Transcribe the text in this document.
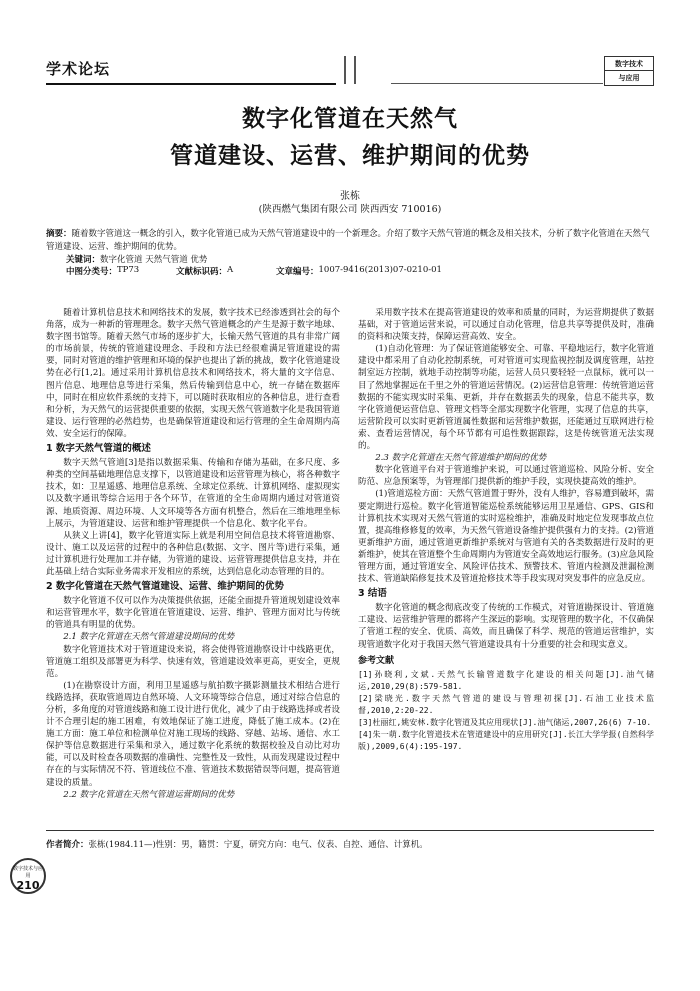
学术论坛	数字技术
与应用
数字化管道在天然气
管道建设、运营、维护期间的优势
张栋
(陕西燃气集团有限公司 陕西西安 710016)
摘要：随着数字管道这一概念的引入，数字化管道已成为天然气管道建设中的一个新理念。介绍了数字天然气管道的概念及相关技术，分析了数字化管道在天然气管道建设、运营、维护期间的优势。
关键词：数字化管道 天然气管道 优势
中图分类号： TP73	文献标识码： A	文章编号： 1007-9416(2013)07-0210-01

随着计算机信息技术和网络技术的发展，数字技术已经渗透到社会的每个角落，成为一种新的管理理念。数字天然气管道概念的产生是源于数字地球、数字图书馆等。随着天然气市场的逐步扩大，长输天然气管道的具有非常广阔的市场前景，传统的管道建设理念、手段和方法已经很难满足管道建设的需要，同时对管道的维护管理和环境的保护也提出了新的挑战，数字化管道建设势在必行[1,2]。通过采用计算机信息技术和网络技术，将大量的文字信息、图片信息、地理信息等进行采集，然后传输到信息中心，统一存储在数据库中，同时在相应软件系统的支持下，可以随时获取相应的各种信息，进行查看和分析，为天然气的运营提供重要的依据，实现天然气管道数字化是我国管道建设、运行管理的必然趋势，也是确保管道建设和运行管理的全生命周期内高效、安全运行的保障。

1 数字天然气管道的概述

数字天然气管道[3]是指以数据采集、传输和存储为基础，在多尺度、多种类的空间基础地理信息支撑下，以管道建设和运营管理为核心，将各种数字技术，如：卫星遥感、地理信息系统、全球定位系统、计算机网络、虚拟现实以及数字通讯等综合运用于各个环节，在管道的全生命周期内通过对管道资源、地质资源、周边环境、人文环境等各方面有机整合，然后在三维地理坐标上展示，为管道建设、运营和维护管理提供一个信息化、数字化平台。

从狭义上讲[4]，数字化管道实际上就是利用空间信息技术将管道勘察、设计、施工以及运营的过程中的各种信息(数据、文字、图片等)进行采集，通过计算机进行处理加工并存储，为管道的建设、运营管理提供信息支持，并在此基础上结合实际业务需求开发相应的系统，达到信息化动态管理的目的。

2 数字化管道在天然气管道建设、运营、维护期间的优势

数字化管道不仅可以作为决策提供依据，还能全面提升管道规划建设效率和运营管理水平，数字化管道在管道建设、运营、维护、管理方面对比与传统的管道具有明显的优势。

2.1 数字化管道在天然气管道建设期间的优势

数字化管道技术对于管道建设来说，将会使得管道勘察设计中线路更优，管道施工组织及部署更为科学、快速有效，管道建设效率更高，更安全，更规范。

(1)在勘察设计方面，利用卫星遥感与航拍数字摄影测量技术相结合进行线路选择，获取管道周边自然环境、人文环境等综合信息，通过对综合信息的分析，多角度的对管道线路和施工设计进行优化，减少了由于线路选择或者设计不合理引起的施工困难，有效地保证了施工进度，降低了施工成本。(2)在施工方面：施工单位和检测单位对施工现场的线路、穿越、站场、通信、水工保护等信息数据进行采集和录入，通过数字化系统的数据校验及自动比对功能，可以及时检查各项数据的准确性、完整性及一致性，从而发现建设过程中存在的与实际情况不符、管道线位不准、管道技术数据错误等问题，提高管道建设的质量。

2.2 数字化管道在天然气管道运营期间的优势

采用数字技术在提高管道建设的效率和质量的同时，为运营期提供了数据基础，对于管道运营来说，可以通过自动化管理，信息共享等提供及时，准确的资料和决策支持，保障运营高效、安全。

(1)自动化管理：为了保证管道能够安全、可靠、平稳地运行，数字化管道建设中都采用了自动化控制系统，可对管道可实现监视控制及调度管理，站控制室远方控制，就地手动控制等功能，运营人员只要轻轻一点鼠标，就可以一目了然地掌握远在千里之外的管道运营情况。(2)运营信息管理：传统管道运营数据的不能实现实时采集、更新，并存在数据丢失的现象，信息不能共享，数字化管道便运营信息、管理文档等全部实现数字化管理，实现了信息的共享，运营阶段可以实时更新管道属性数据和运营维护数据，还能通过互联网进行检索、查看运营情况，每个环节都有可追性数据跟踪，这是传统管道无法实现的。

2.3 数字化管道在天然气管道维护期间的优势

数字化管道平台对于管道维护来说，可以通过管道巡检、风险分析、安全防范、应急预案等，为管理部门提供新的维护手段，实现快捷高效的维护。

(1)管道巡检方面：天然气管道置于野外，没有人维护，容易遭到破坏，需要定期进行巡检。数字化管道智能巡检系统能够运用卫星通信、GPS、GIS和计算机技术实现对天然气管道的实时巡检维护，准确及时地定位发现事故点位置，提高维修修复的效率，为天然气管道设备维护提供强有力的支持。(2)管道更新维护方面，通过管道更新维护系统对与管道有关的各类数据进行及时的更新维护，使其在管道整个生命周期内为管道安全高效地运行服务。(3)应急风险管理方面，通过管道安全、风险评估技术、预警技术、管道内检测及泄漏检测技术、管道缺陷修复技术及管道抢修技术等手段实现对突发事件的应急反应。

3 结语

数字化管道的概念彻底改变了传统的工作模式，对管道勘探设计、管道施工建设、运营维护管理的都将产生深远的影响。实现管理的数字化，不仅确保了管道工程的安全、优质、高效，而且确保了科学、规范的管道运营维护，实现管道数字化对于我国天然气管道建设具有十分重要的社会和现实意义。

参考文献
[1]孙晓利,文斌.天然气长输管道数字化建设的相关问题[J].油气储运,2010,29(8):579-581.
[2]梁晓光.数字天然气管道的建设与管理初探[J].石油工业技术监督,2010,2:20-22.
[3]杜丽红,姚安林.数字化管道及其应用现状[J].油气储运,2007,26(6) 7-10.
[4]朱一萌.数字化管道技术在管道建设中的应用研究[J].长江大学学报(自然科学版),2009,6(4):195-197.
作者简介：张栋(1984.11—)性别：男，籍贯：宁夏，研究方向：电气、仪表、自控、通信、计算机。
数字技术与应用
210
